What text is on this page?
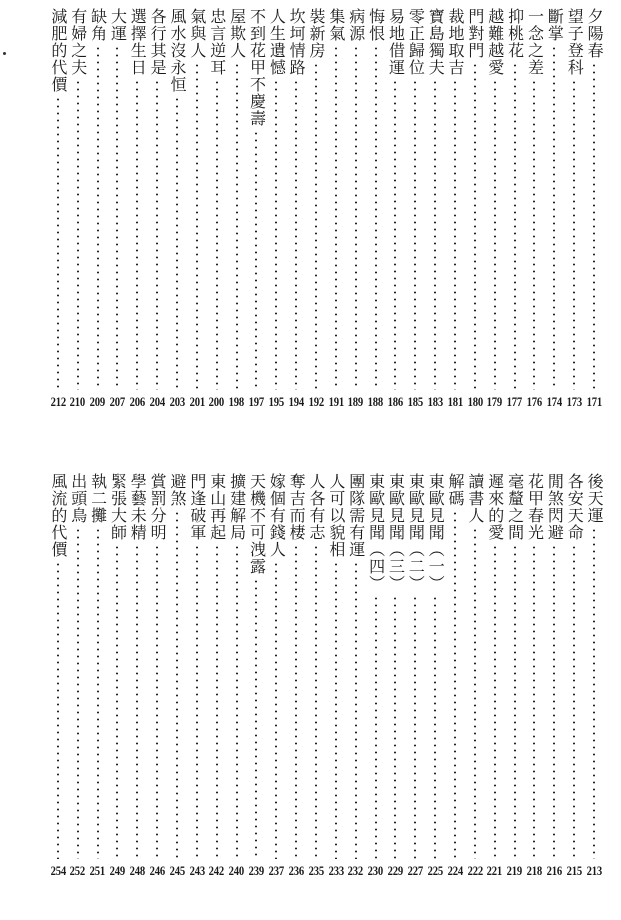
夕陽春
171
望子登科
173
斷掌
174
一念之差
176
抑桃花
177
越難越愛
179
門對門
180
裁地取吉
181
寶島獨夫
183
零正歸位
185
易地借運
186
悔恨
188
病源
189
集氣
191
裝新房
192
坎坷情路
194
人生遺憾
195
不到花甲不慶壽
197
屋欺人
198
忠言逆耳
200
氣與人
201
風水沒永恒
203
各行其是
204
選擇生日
206
大運
207
缺角
209
有婦之夫
210
減肥的代價
212
後天運
213
各安天命
215
閒煞閃避
216
花甲春光
218
毫釐之間
219
遲來的愛
221
讀書人
222
解碼
224
東歐見聞（一）
225
東歐見聞（二）
227
東歐見聞（三）
229
東歐見聞（四）
230
團隊需有運
232
人可以貌相
233
人各有志
235
奪吉而棲
236
嫁個有錢人
237
天機不可洩露
239
擴建解局
240
東山再起
242
門逢破軍
243
避煞
245
賞罰分明
246
學藝未精
248
緊張大師
249
執二攤
251
出頭鳥
252
風流的代價
254
